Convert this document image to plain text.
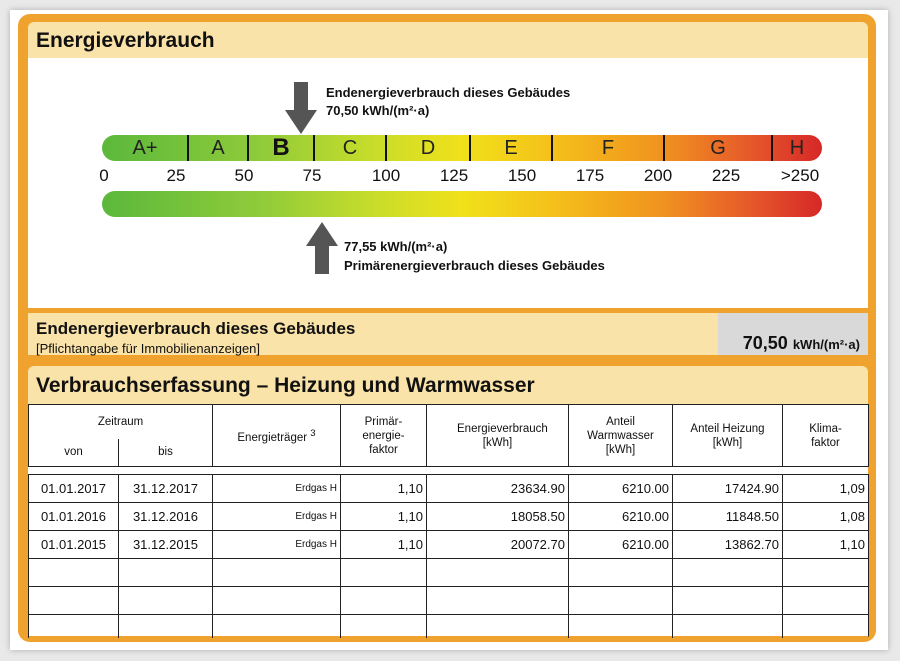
Energieverbrauch
Endenergieverbrauch dieses Gebäudes
70,50 kWh/(m²·a)
A+	A	B	C	D	E	F	G	H
0	25	50	75	100 125 150 175 200 225 >250
77,55 kWh/(m²·a)
Primärenergieverbrauch dieses Gebäudes
Endenergieverbrauch dieses Gebäudes
[Pflichtangabe für Immobilienanzeigen]	70,50 kWh/(m²·a)
Verbrauchserfassung – Heizung und Warmwasser
Zeitraum		Energieträger $^3$	Primär- energie- faktor	Energieverbrauch [kWh]	Anteil Warmwasser [kWh]	Anteil Heizung [kWh]	Klima- faktor
von	bis						

01.01.2017	31.12.2017	Erdgas H	1,10	23634.90	6210.00	17424.90	1,09
01.01.2016	31.12.2016	Erdgas H	1,10	18058.50	6210.00	11848.50	1,08
01.01.2015	31.12.2015	Erdgas H	1,10	20072.70	6210.00	13862.70	1,10
